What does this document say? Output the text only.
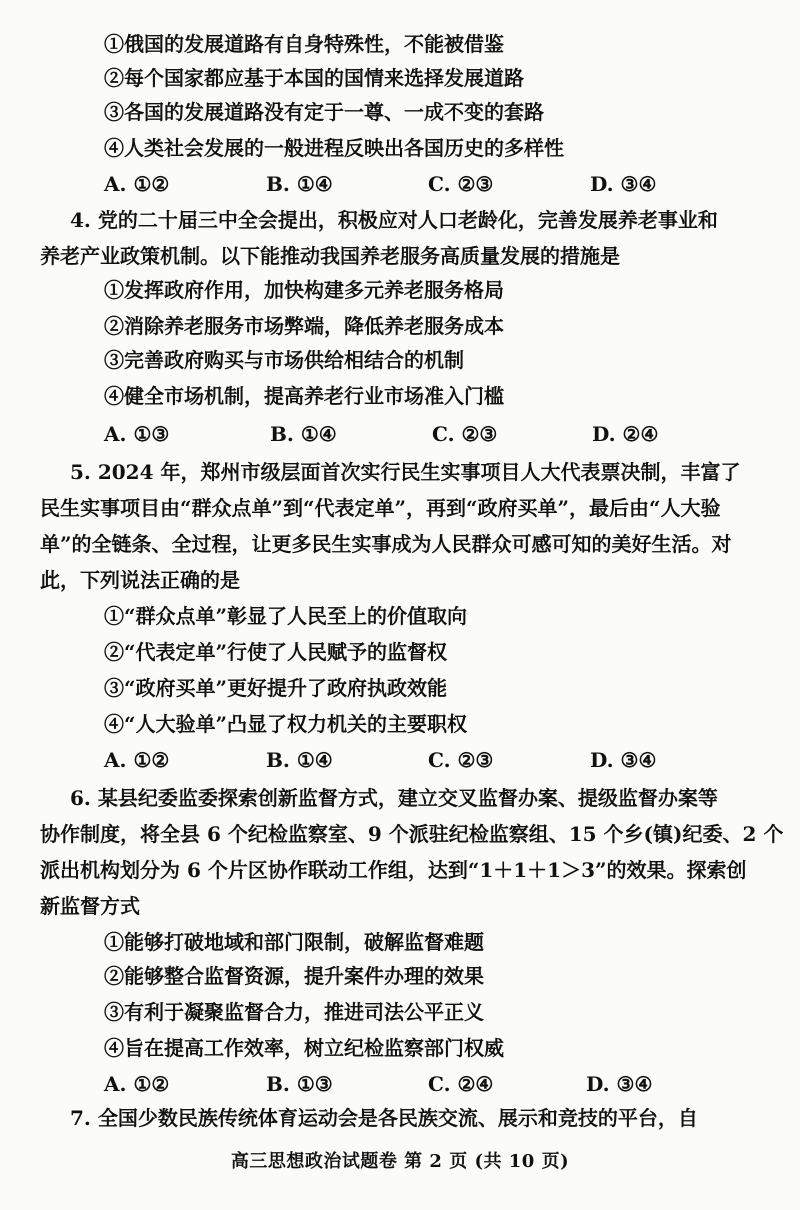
①俄国的发展道路有自身特殊性，不能被借鉴
②每个国家都应基于本国的国情来选择发展道路
③各国的发展道路没有定于一尊、一成不变的套路
④人类社会发展的一般进程反映出各国历史的多样性
A. ①②	B. ①④	C. ②③	D. ③④
4. 党的二十届三中全会提出，积极应对人口老龄化，完善发展养老事业和
养老产业政策机制。以下能推动我国养老服务高质量发展的措施是
①发挥政府作用，加快构建多元养老服务格局
②消除养老服务市场弊端，降低养老服务成本
③完善政府购买与市场供给相结合的机制
④健全市场机制，提高养老行业市场准入门槛
A. ①③	B. ①④	C. ②③	D. ②④
5. 2024 年，郑州市级层面首次实行民生实事项目人大代表票决制，丰富了
民生实事项目由“群众点单”到“代表定单”，再到“政府买单”，最后由“人大验
单”的全链条、全过程，让更多民生实事成为人民群众可感可知的美好生活。对
此，下列说法正确的是
①“群众点单”彰显了人民至上的价值取向
②“代表定单”行使了人民赋予的监督权
③“政府买单”更好提升了政府执政效能
④“人大验单”凸显了权力机关的主要职权
A. ①②	B. ①④	C. ②③	D. ③④
6. 某县纪委监委探索创新监督方式，建立交叉监督办案、提级监督办案等
协作制度，将全县 6 个纪检监察室、9 个派驻纪检监察组、15 个乡(镇)纪委、2 个
派出机构划分为 6 个片区协作联动工作组，达到“1＋1＋1＞3”的效果。探索创
新监督方式
①能够打破地域和部门限制，破解监督难题
②能够整合监督资源，提升案件办理的效果
③有利于凝聚监督合力，推进司法公平正义
④旨在提高工作效率，树立纪检监察部门权威
A. ①②	B. ①③	C. ②④	D. ③④
7. 全国少数民族传统体育运动会是各民族交流、展示和竞技的平台，自
高三思想政治试题卷 第 2 页 (共 10 页)
